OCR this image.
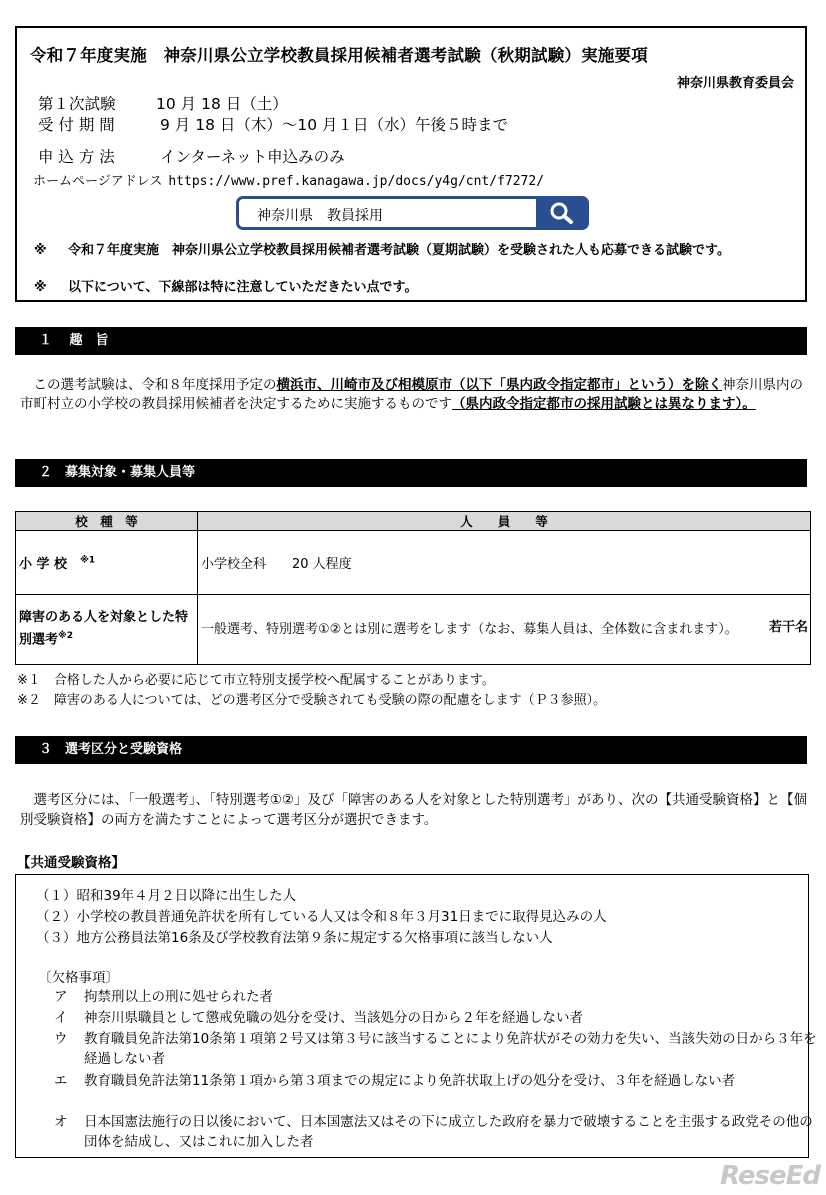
令和７年度実施　神奈川県公立学校教員採用候補者選考試験（秋期試験）実施要項
神奈川県教育委員会
第１次試験	10 月 18 日（土）
受 付 期 間	9 月 18 日（木）～10 月１日（水）午後５時まで
申 込 方 法	インターネット申込みのみ
ホームページアドレス https://www.pref.kanagawa.jp/docs/y4g/cnt/f7272/
神奈川県　教員採用
※ 令和７年度実施　神奈川県公立学校教員採用候補者選考試験（夏期試験）を受験された人も応募できる試験です。
※ 以下について、下線部は特に注意していただきたい点です。
１　 趣　旨
　この選考試験は、令和８年度採用予定の横浜市、川崎市及び相模原市（以下「県内政令指定都市」という）を除く神奈川県内の市町村立の小学校の教員採用候補者を決定するために実施するものです（県内政令指定都市の採用試験とは異なります）。
２　募集対象・募集人員等
校　種　等	人　　員　　等
小 学 校　 $^{※1}$	小学校全科　　20 人程度
障害のある人を対象とした特別選考$^{※2}$	一般選考、特別選考①②とは別に選考をします（なお、募集人員は、全体数に含まれます）。 若干名
※１　合格した人から必要に応じて市立特別支援学校へ配属することがあります。
※２　障害のある人については、どの選考区分で受験されても受験の際の配慮をします（Ｐ３参照）。
３　選考区分と受験資格
　選考区分には、「一般選考」、「特別選考①②」及び「障害のある人を対象とした特別選考」があり、次の【共通受験資格】と【個別受験資格】の両方を満たすことによって選考区分が選択できます。
【共通受験資格】
（１）昭和39年４月２日以降に出生した人
（２）小学校の教員普通免許状を所有している人又は令和８年３月31日までに取得見込みの人
（３）地方公務員法第16条及び学校教育法第９条に規定する欠格事項に該当しない人
〔欠格事項〕
ア 拘禁刑以上の刑に処せられた者
イ 神奈川県職員として懲戒免職の処分を受け、当該処分の日から２年を経過しない者
ウ 教育職員免許法第10条第１項第２号又は第３号に該当することにより免許状がその効力を失い、当該失効の日から３年を経過しない者
エ 教育職員免許法第11条第１項から第３項までの規定により免許状取上げの処分を受け、３年を経過しない者
オ 日本国憲法施行の日以後において、日本国憲法又はその下に成立した政府を暴力で破壊することを主張する政党その他の団体を結成し、又はこれに加入した者
ReseEd
